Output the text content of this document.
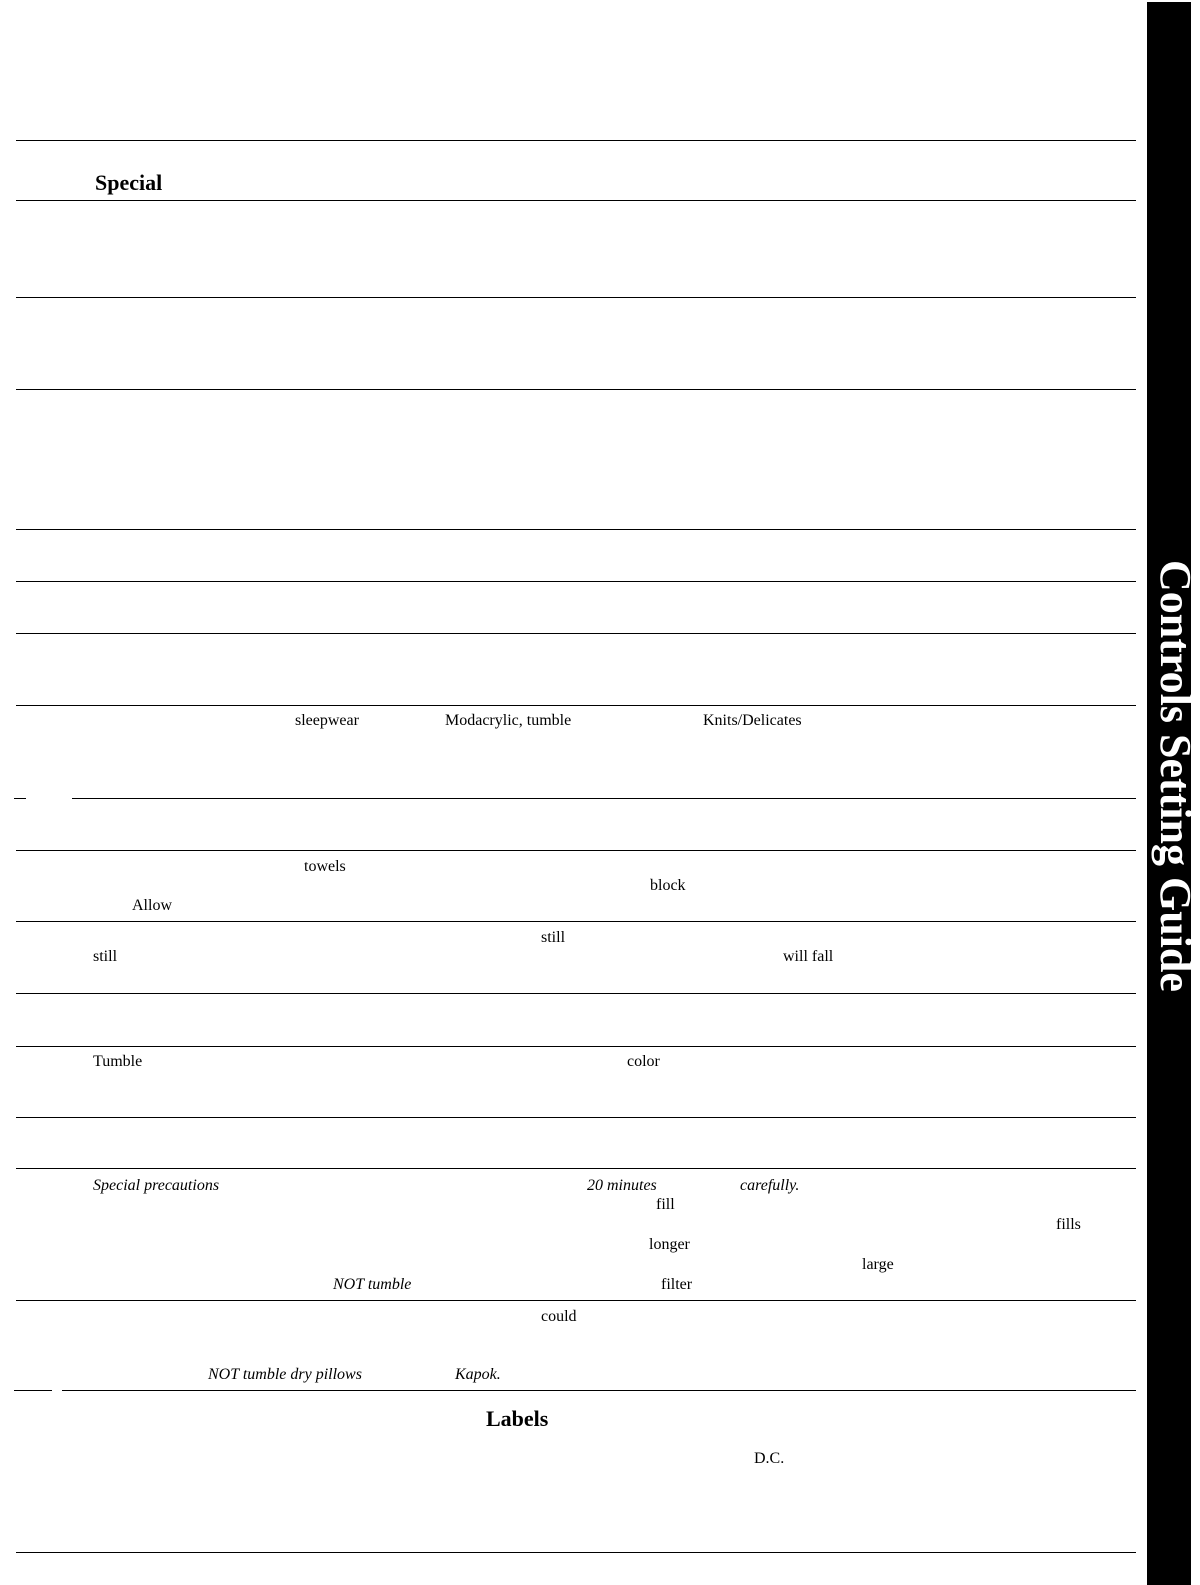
Special
Labels
sleepwear	Modacrylic, tumble	Knits/Delicates
towels
block
Allow
still
still	will fall
Tumble	color
Special precautions	20 minutes	carefully.
fill
fills
longer
large
NOT tumble	filter
could
NOT tumble dry pillows	Kapok.
D.C.
Controls Setting Guide
